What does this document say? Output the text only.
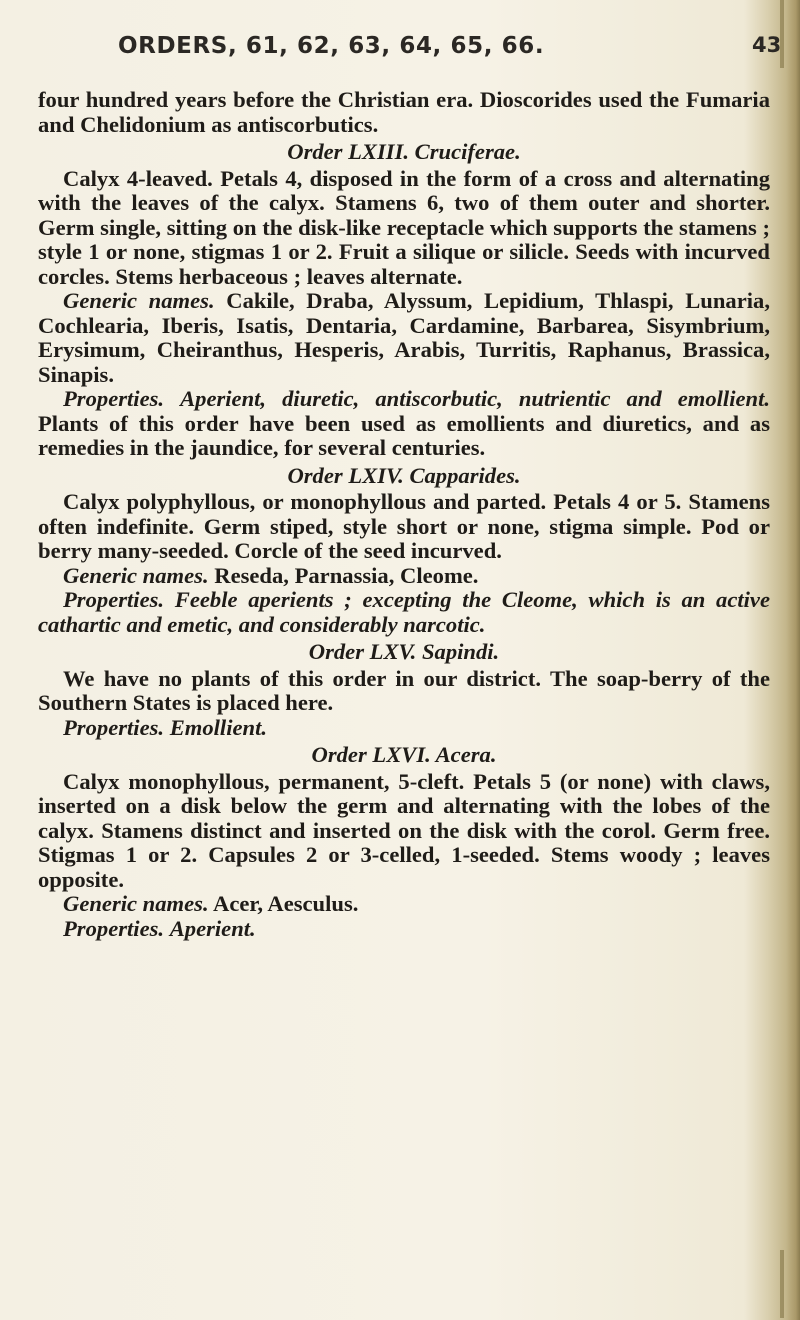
ORDERS, 61, 62, 63, 64, 65, 66.	43

four hundred years before the Christian era. Dioscorides used the Fumaria and Chelidonium as antiscorbutics.

Order LXIII. Cruciferae.

Calyx 4-leaved. Petals 4, disposed in the form of a cross and alternating with the leaves of the calyx. Stamens 6, two of them outer and shorter. Germ single, sitting on the disk-like receptacle which supports the stamens ; style 1 or none, stigmas 1 or 2. Fruit a silique or silicle. Seeds with incurved corcles. Stems herbaceous ; leaves alternate.

Generic names. Cakile, Draba, Alyssum, Lepidium, Thlaspi, Lunaria, Cochlearia, Iberis, Isatis, Dentaria, Cardamine, Barbarea, Sisymbrium, Erysimum, Cheiranthus, Hesperis, Arabis, Turritis, Raphanus, Brassica, Sinapis.

Properties. Aperient, diuretic, antiscorbutic, nutrientic and emollient. Plants of this order have been used as emollients and diuretics, and as remedies in the jaundice, for several centuries.

Order LXIV. Capparides.

Calyx polyphyllous, or monophyllous and parted. Petals 4 or 5. Stamens often indefinite. Germ stiped, style short or none, stigma simple. Pod or berry many-seeded. Corcle of the seed incurved.

Generic names. Reseda, Parnassia, Cleome.

Properties. Feeble aperients ; excepting the Cleome, which is an active cathartic and emetic, and considerably narcotic.

Order LXV. Sapindi.

We have no plants of this order in our district. The soap-berry of the Southern States is placed here.

Properties. Emollient.

Order LXVI. Acera.

Calyx monophyllous, permanent, 5-cleft. Petals 5 (or none) with claws, inserted on a disk below the germ and alternating with the lobes of the calyx. Stamens distinct and inserted on the disk with the corol. Germ free. Stigmas 1 or 2. Capsules 2 or 3-celled, 1-seeded. Stems woody ; leaves opposite.

Generic names. Acer, Aesculus.

Properties. Aperient.
